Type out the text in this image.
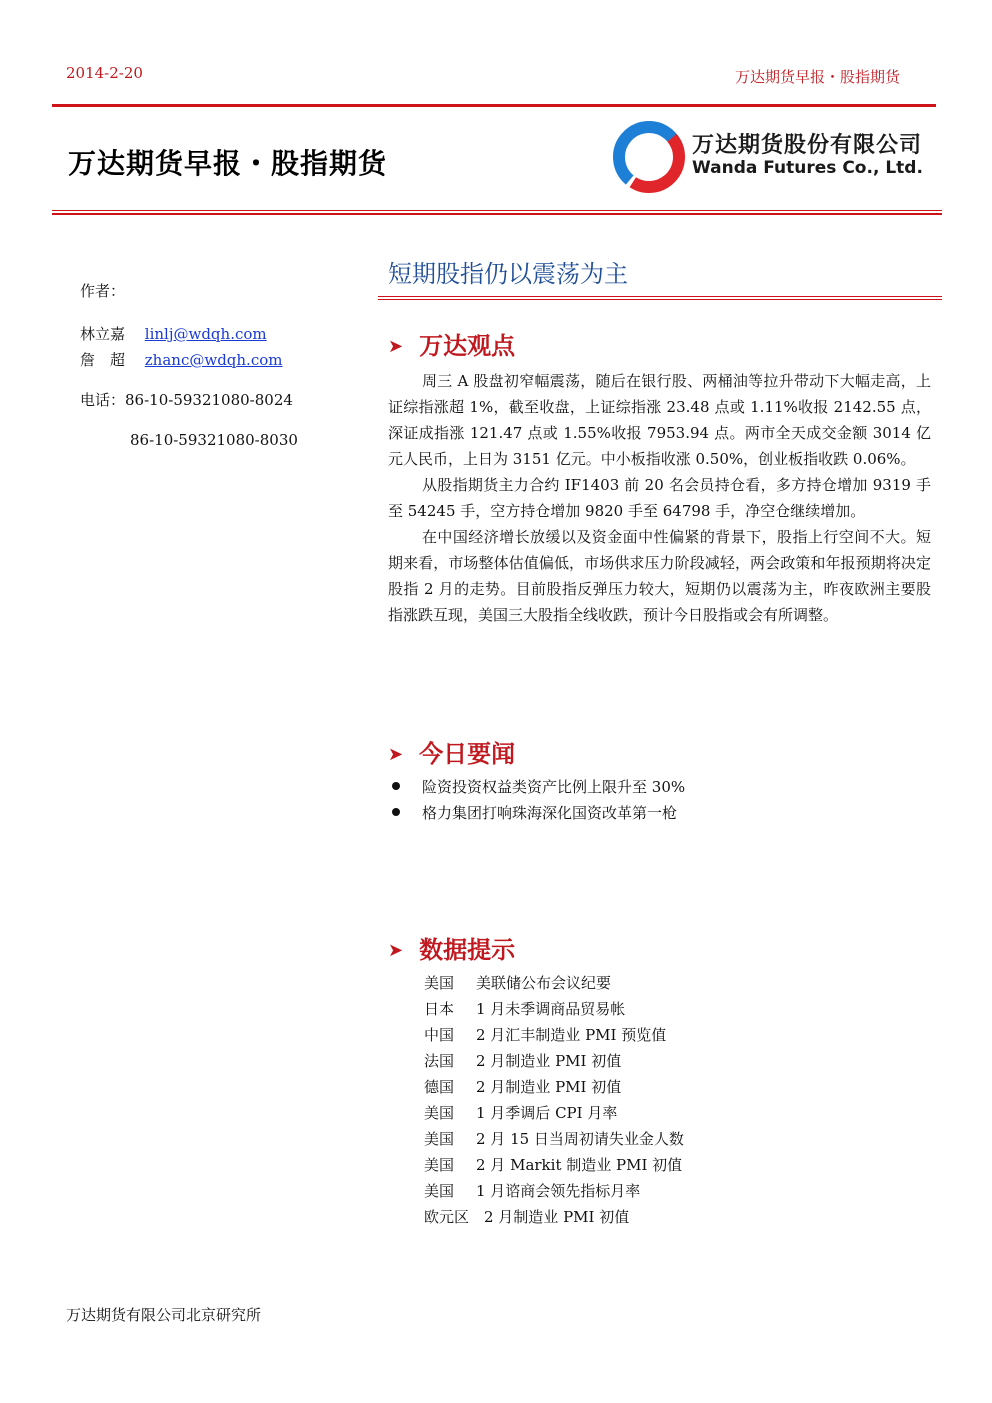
2014-2-20	万达期货早报・股指期货
万达期货早报・股指期货
万达期货股份有限公司
Wanda Futures Co., Ltd.
作者：
林立嘉 linlj@wdqh.com
詹　超 zhanc@wdqh.com
电话：86-10-59321080-8024
86-10-59321080-8030
短期股指仍以震荡为主
➤ 万达观点

周三 A 股盘初窄幅震荡，随后在银行股、两桶油等拉升带动下大幅走高，上证综指涨超 1%，截至收盘，上证综指涨 23.48 点或 1.11%收报 2142.55 点，深证成指涨 121.47 点或 1.55%收报 7953.94 点。两市全天成交金额 3014 亿元人民币，上日为 3151 亿元。中小板指收涨 0.50%，创业板指收跌 0.06%。

从股指期货主力合约 IF1403 前 20 名会员持仓看，多方持仓增加 9319 手至 54245 手，空方持仓增加 9820 手至 64798 手，净空仓继续增加。

在中国经济增长放缓以及资金面中性偏紧的背景下，股指上行空间不大。短期来看，市场整体估值偏低，市场供求压力阶段减轻，两会政策和年报预期将决定股指 2 月的走势。目前股指反弹压力较大，短期仍以震荡为主，昨夜欧洲主要股指涨跌互现，美国三大股指全线收跌，预计今日股指或会有所调整。

➤ 今日要闻
险资投资权益类资产比例上限升至 30%
格力集团打响珠海深化国资改革第一枪
➤ 数据提示
美国 美联储公布会议纪要
日本 1 月未季调商品贸易帐
中国 2 月汇丰制造业 PMI 预览值
法国 2 月制造业 PMI 初值
德国 2 月制造业 PMI 初值
美国 1 月季调后 CPI 月率
美国 2 月 15 日当周初请失业金人数
美国 2 月 Markit 制造业 PMI 初值
美国 1 月谘商会领先指标月率
欧元区 2 月制造业 PMI 初值
万达期货有限公司北京研究所
